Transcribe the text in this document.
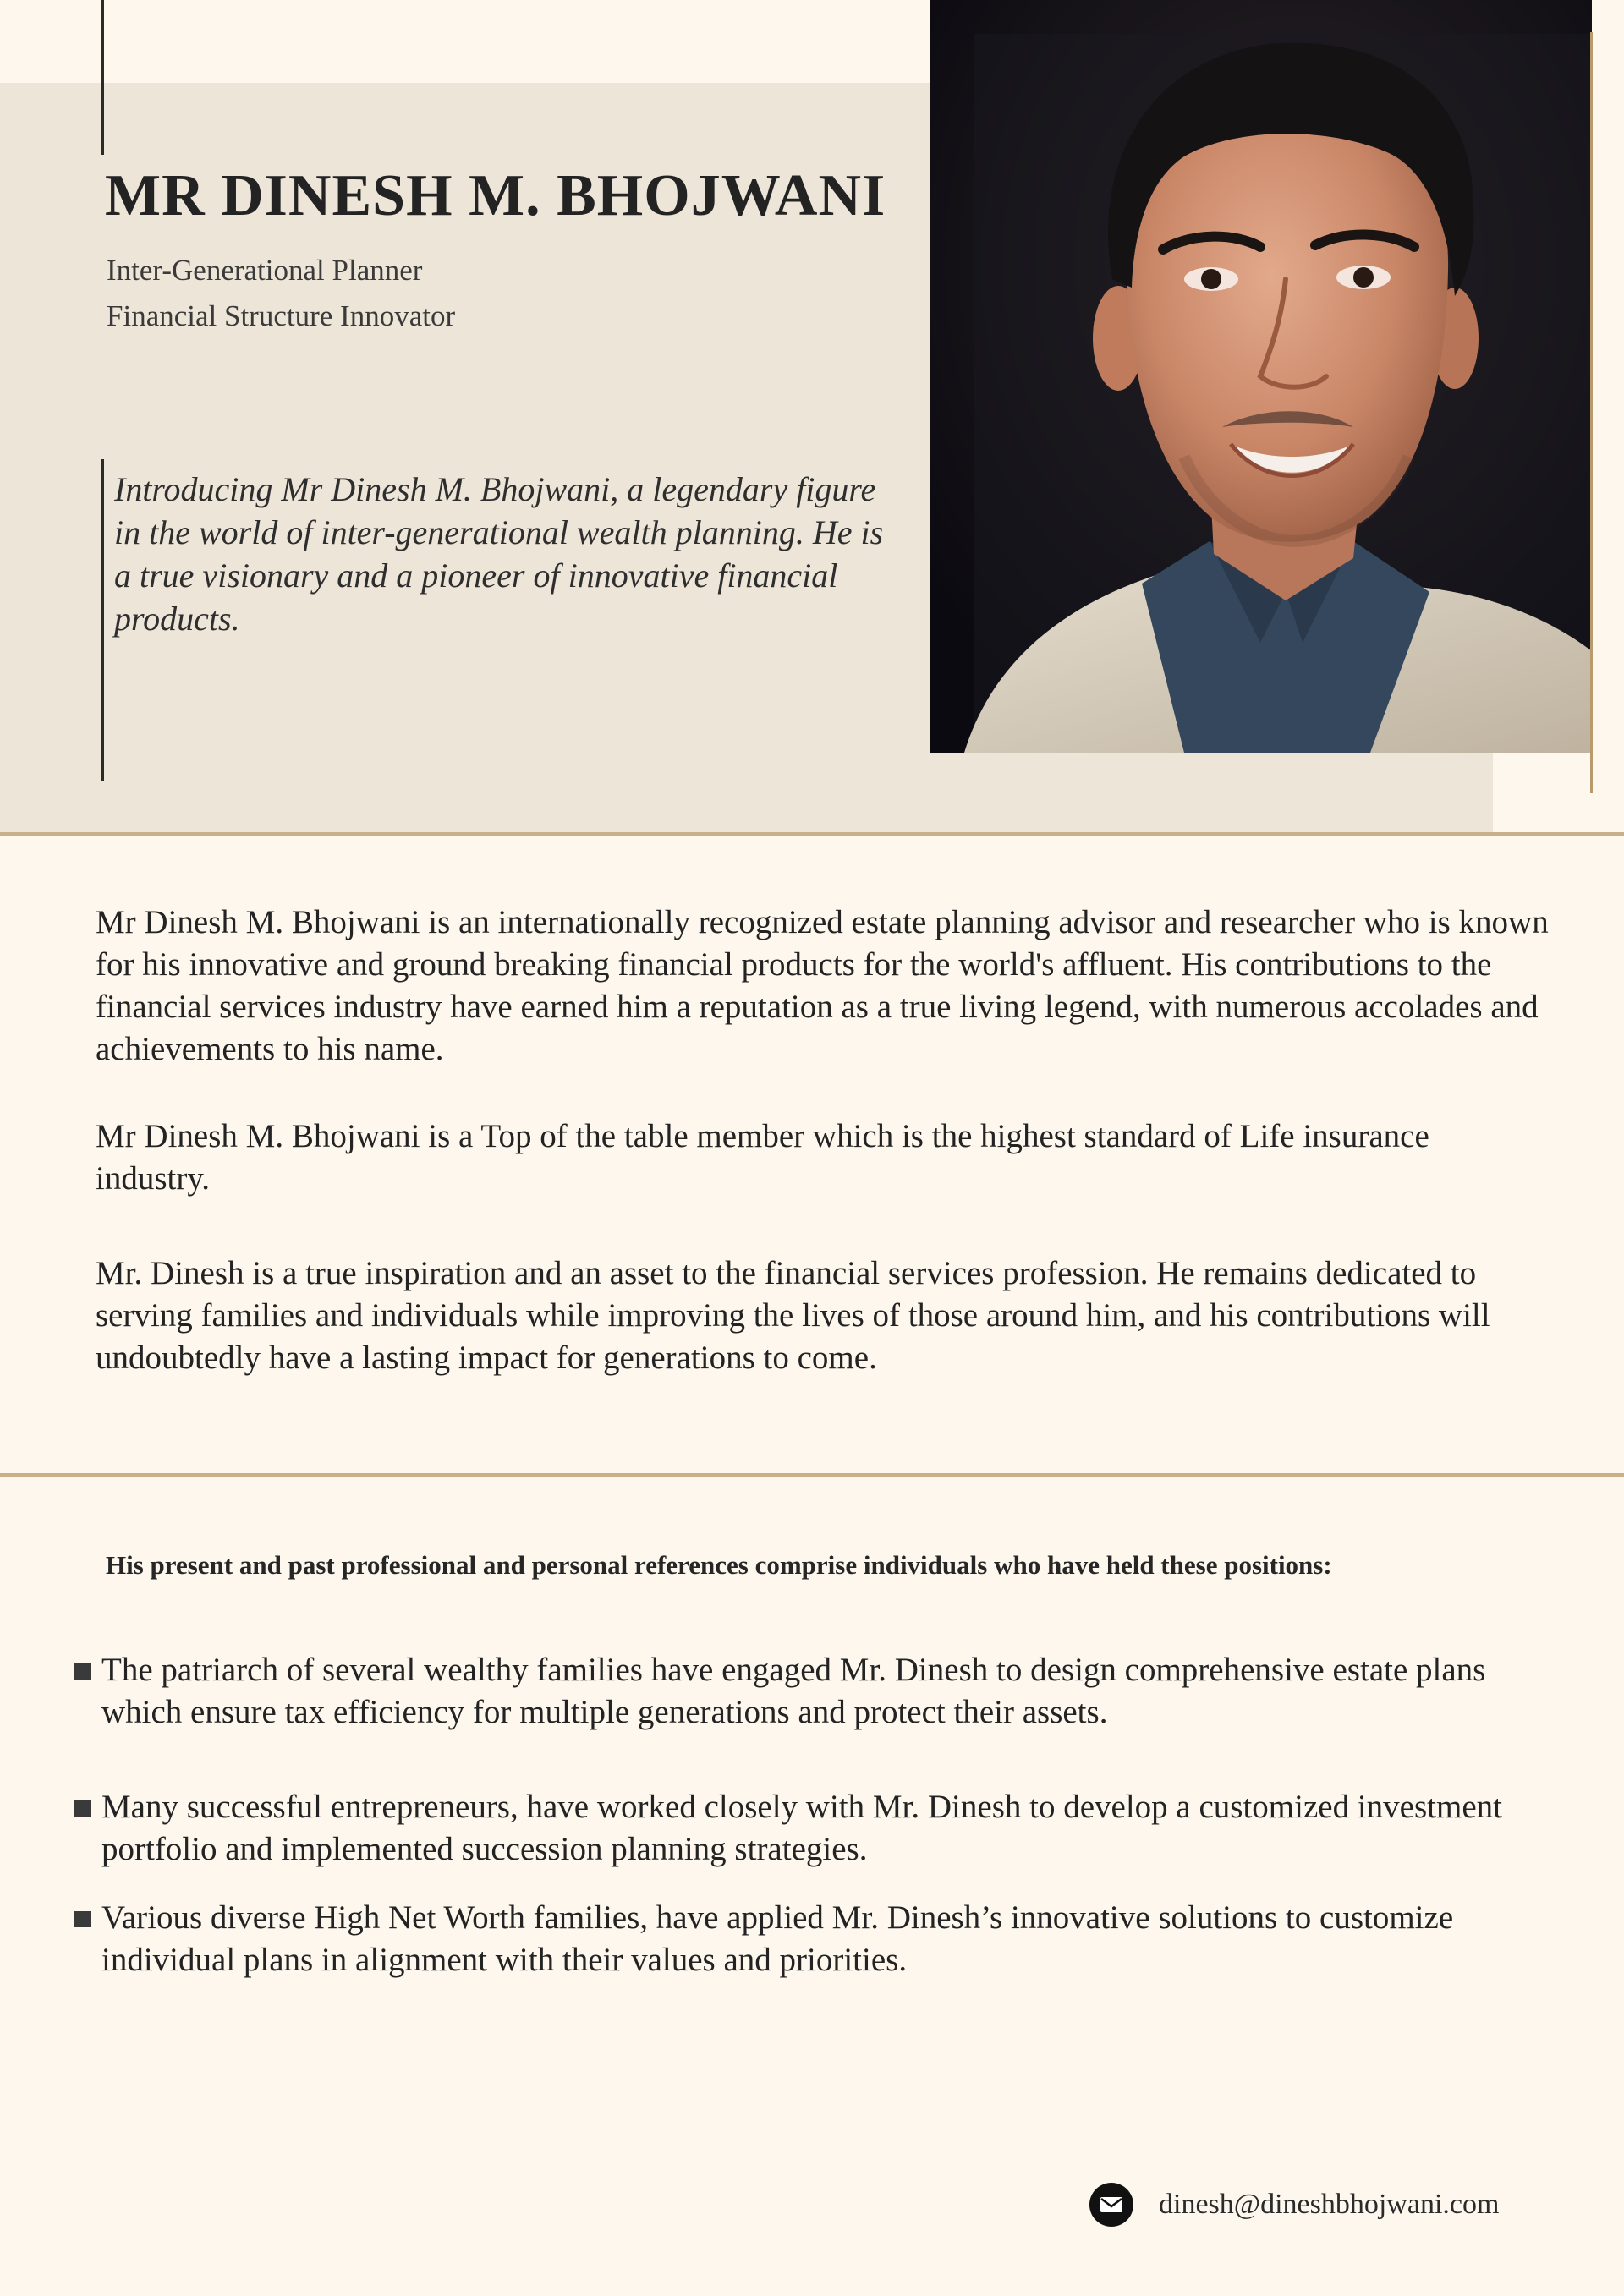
MR DINESH M. BHOJWANI
Inter-Generational Planner
Financial Structure Innovator

Introducing Mr Dinesh M. Bhojwani, a legendary figure in the world of inter-generational wealth planning. He is a true visionary and a pioneer of innovative financial products.

Mr Dinesh M. Bhojwani is an internationally recognized estate planning advisor and researcher who is known for his innovative and ground breaking financial products for the world's affluent. His contributions to the financial services industry have earned him a reputation as a true living legend, with numerous accolades and achievements to his name.

Mr Dinesh M. Bhojwani is a Top of the table member which is the highest standard of Life insurance industry.

Mr. Dinesh is a true inspiration and an asset to the financial services profession. He remains dedicated to serving families and individuals while improving the lives of those around him, and his contributions will undoubtedly have a lasting impact for generations to come.

His present and past professional and personal references comprise individuals who have held these positions:

The patriarch of several wealthy families have engaged Mr. Dinesh to design comprehensive estate plans which ensure tax efficiency for multiple generations and protect their assets.

Many successful entrepreneurs, have worked closely with Mr. Dinesh to develop a customized investment portfolio and implemented succession planning strategies.

Various diverse High Net Worth families, have applied Mr. Dinesh’s innovative solutions to customize individual plans in alignment with their values and priorities.

dinesh@dineshbhojwani.com
